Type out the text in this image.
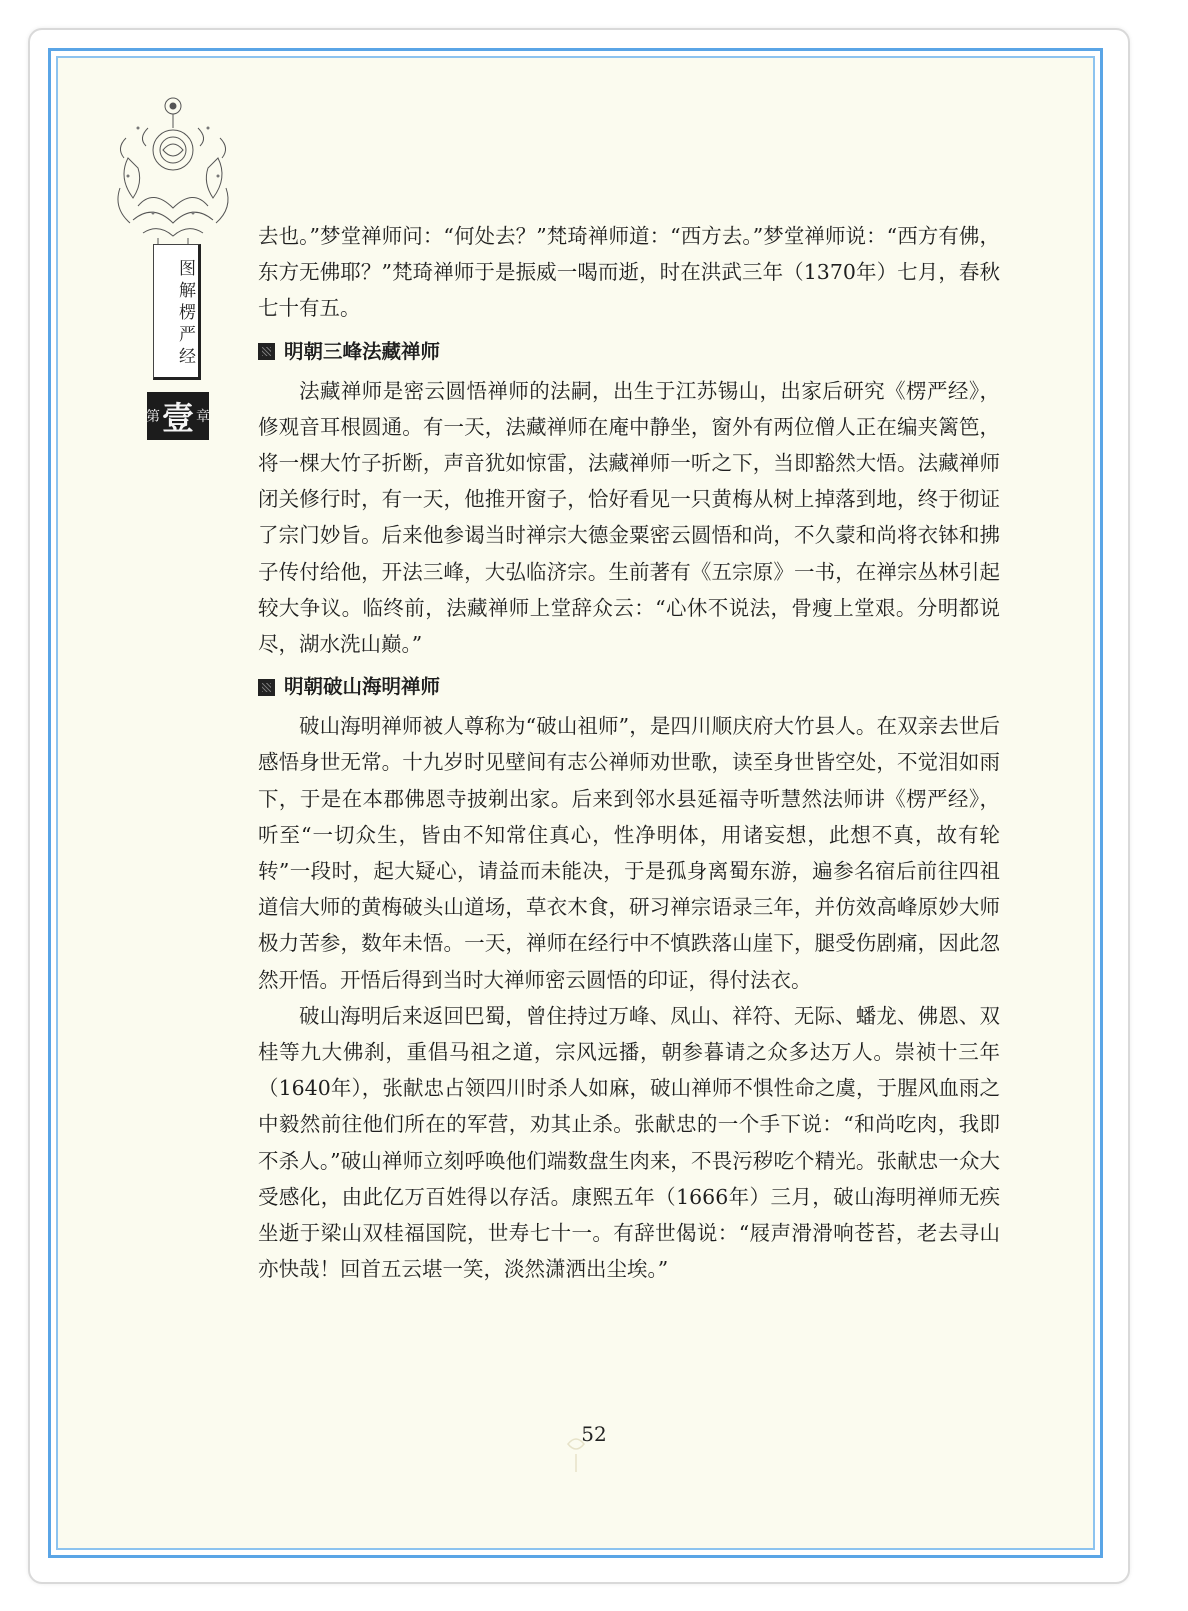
图解楞严经
第 壹 章

去也。”梦堂禅师问：“何处去？”梵琦禅师道：“西方去。”梦堂禅师说：“西方有佛，东方无佛耶？”梵琦禅师于是振威一喝而逝，时在洪武三年（1370年）七月，春秋七十有五。

明朝三峰法藏禅师

法藏禅师是密云圆悟禅师的法嗣，出生于江苏锡山，出家后研究《楞严经》，修观音耳根圆通。有一天，法藏禅师在庵中静坐，窗外有两位僧人正在编夹篱笆，将一棵大竹子折断，声音犹如惊雷，法藏禅师一听之下，当即豁然大悟。法藏禅师闭关修行时，有一天，他推开窗子，恰好看见一只黄梅从树上掉落到地，终于彻证了宗门妙旨。后来他参谒当时禅宗大德金粟密云圆悟和尚，不久蒙和尚将衣钵和拂子传付给他，开法三峰，大弘临济宗。生前著有《五宗原》一书，在禅宗丛林引起较大争议。临终前，法藏禅师上堂辞众云：“心休不说法，骨瘦上堂艰。分明都说尽，湖水洗山巅。”

明朝破山海明禅师

破山海明禅师被人尊称为“破山祖师”，是四川顺庆府大竹县人。在双亲去世后感悟身世无常。十九岁时见壁间有志公禅师劝世歌，读至身世皆空处，不觉泪如雨下，于是在本郡佛恩寺披剃出家。后来到邻水县延福寺听慧然法师讲《楞严经》，听至“一切众生，皆由不知常住真心，性净明体，用诸妄想，此想不真，故有轮转”一段时，起大疑心，请益而未能决，于是孤身离蜀东游，遍参名宿后前往四祖道信大师的黄梅破头山道场，草衣木食，研习禅宗语录三年，并仿效高峰原妙大师极力苦参，数年未悟。一天，禅师在经行中不慎跌落山崖下，腿受伤剧痛，因此忽然开悟。开悟后得到当时大禅师密云圆悟的印证，得付法衣。

破山海明后来返回巴蜀，曾住持过万峰、凤山、祥符、无际、蟠龙、佛恩、双桂等九大佛刹，重倡马祖之道，宗风远播，朝参暮请之众多达万人。崇祯十三年（1640年），张献忠占领四川时杀人如麻，破山禅师不惧性命之虞，于腥风血雨之中毅然前往他们所在的军营，劝其止杀。张献忠的一个手下说：“和尚吃肉，我即不杀人。”破山禅师立刻呼唤他们端数盘生肉来，不畏污秽吃个精光。张献忠一众大受感化，由此亿万百姓得以存活。康熙五年（1666年）三月，破山海明禅师无疾坐逝于梁山双桂福国院，世寿七十一。有辞世偈说：“屐声滑滑响苍苔，老去寻山亦快哉！回首五云堪一笑，淡然潇洒出尘埃。”

52
